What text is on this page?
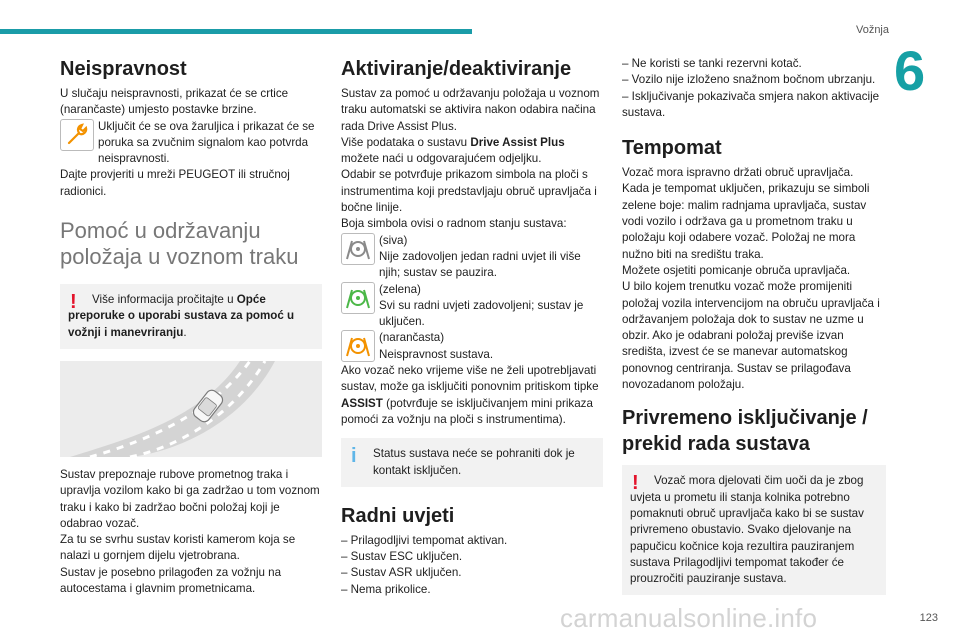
Vožnja
6
Neispravnost

U slučaju neispravnosti, prikazat će se crtice (narančaste) umjesto postavke brzine.

Uključit će se ova žaruljica i prikazat će se poruka sa zvučnim signalom kao potvrda neispravnosti.

Dajte provjeriti u mreži PEUGEOT ili stručnoj radionici.

Pomoć u održavanju položaja u voznom traku
!	Više informacija pročitajte u Opće preporuke o uporabi sustava za pomoć u vožnji i manevriranju.

Sustav prepoznaje rubove prometnog traka i upravlja vozilom kako bi ga zadržao u tom voznom traku i kako bi zadržao bočni položaj koji je odabrao vozač.

Za tu se svrhu sustav koristi kamerom koja se nalazi u gornjem dijelu vjetrobrana.

Sustav je posebno prilagođen za vožnju na autocestama i glavnim prometnicama.

Aktiviranje/deaktiviranje

Sustav za pomoć u održavanju položaja u voznom traku automatski se aktivira nakon odabira načina rada Drive Assist Plus.

Više podataka o sustavu Drive Assist Plus možete naći u odgovarajućem odjeljku.

Odabir se potvrđuje prikazom simbola na ploči s instrumentima koji predstavljaju obruč upravljača i bočne linije.

Boja simbola ovisi o radnom stanju sustava:

(siva)

Nije zadovoljen jedan radni uvjet ili više njih; sustav se pauzira.

(zelena)

Svi su radni uvjeti zadovoljeni; sustav je uključen.

(narančasta)

Neispravnost sustava.

Ako vozač neko vrijeme više ne želi upotrebljavati sustav, može ga isključiti ponovnim pritiskom tipke ASSIST (potvrđuje se isključivanjem mini prikaza pomoći za vožnju na ploči s instrumentima).

i	Status sustava neće se pohraniti dok je kontakt isključen.

Radni uvjeti

– Prilagodljivi tempomat aktivan.

– Sustav ESC uključen.

– Sustav ASR uključen.

– Nema prikolice.

– Ne koristi se tanki rezervni kotač.

– Vozilo nije izloženo snažnom bočnom ubrzanju.

– Isključivanje pokazivača smjera nakon aktivacije sustava.

Tempomat

Vozač mora ispravno držati obruč upravljača.

Kada je tempomat uključen, prikazuju se simboli zelene boje: malim radnjama upravljača, sustav vodi vozilo i održava ga u prometnom traku u položaju koji odabere vozač. Položaj ne mora nužno biti na središtu traka.

Možete osjetiti pomicanje obruča upravljača.

U bilo kojem trenutku vozač može promijeniti položaj vozila intervencijom na obruču upravljača i održavanjem položaja dok to sustav ne uzme u obzir. Ako je odabrani položaj previše izvan središta, izvest će se manevar automatskog ponovnog centriranja. Sustav se prilagođava novozadanom položaju.

Privremeno isključivanje / prekid rada sustava
!	Vozač mora djelovati čim uoči da je zbog uvjeta u prometu ili stanja kolnika potrebno pomaknuti obruč upravljača kako bi se sustav privremeno obustavio. Svako djelovanje na papučicu kočnice koja rezultira pauziranjem sustava Prilagodljivi tempomat također će prouzročiti pauziranje sustava.

carmanualsonline.info	123
